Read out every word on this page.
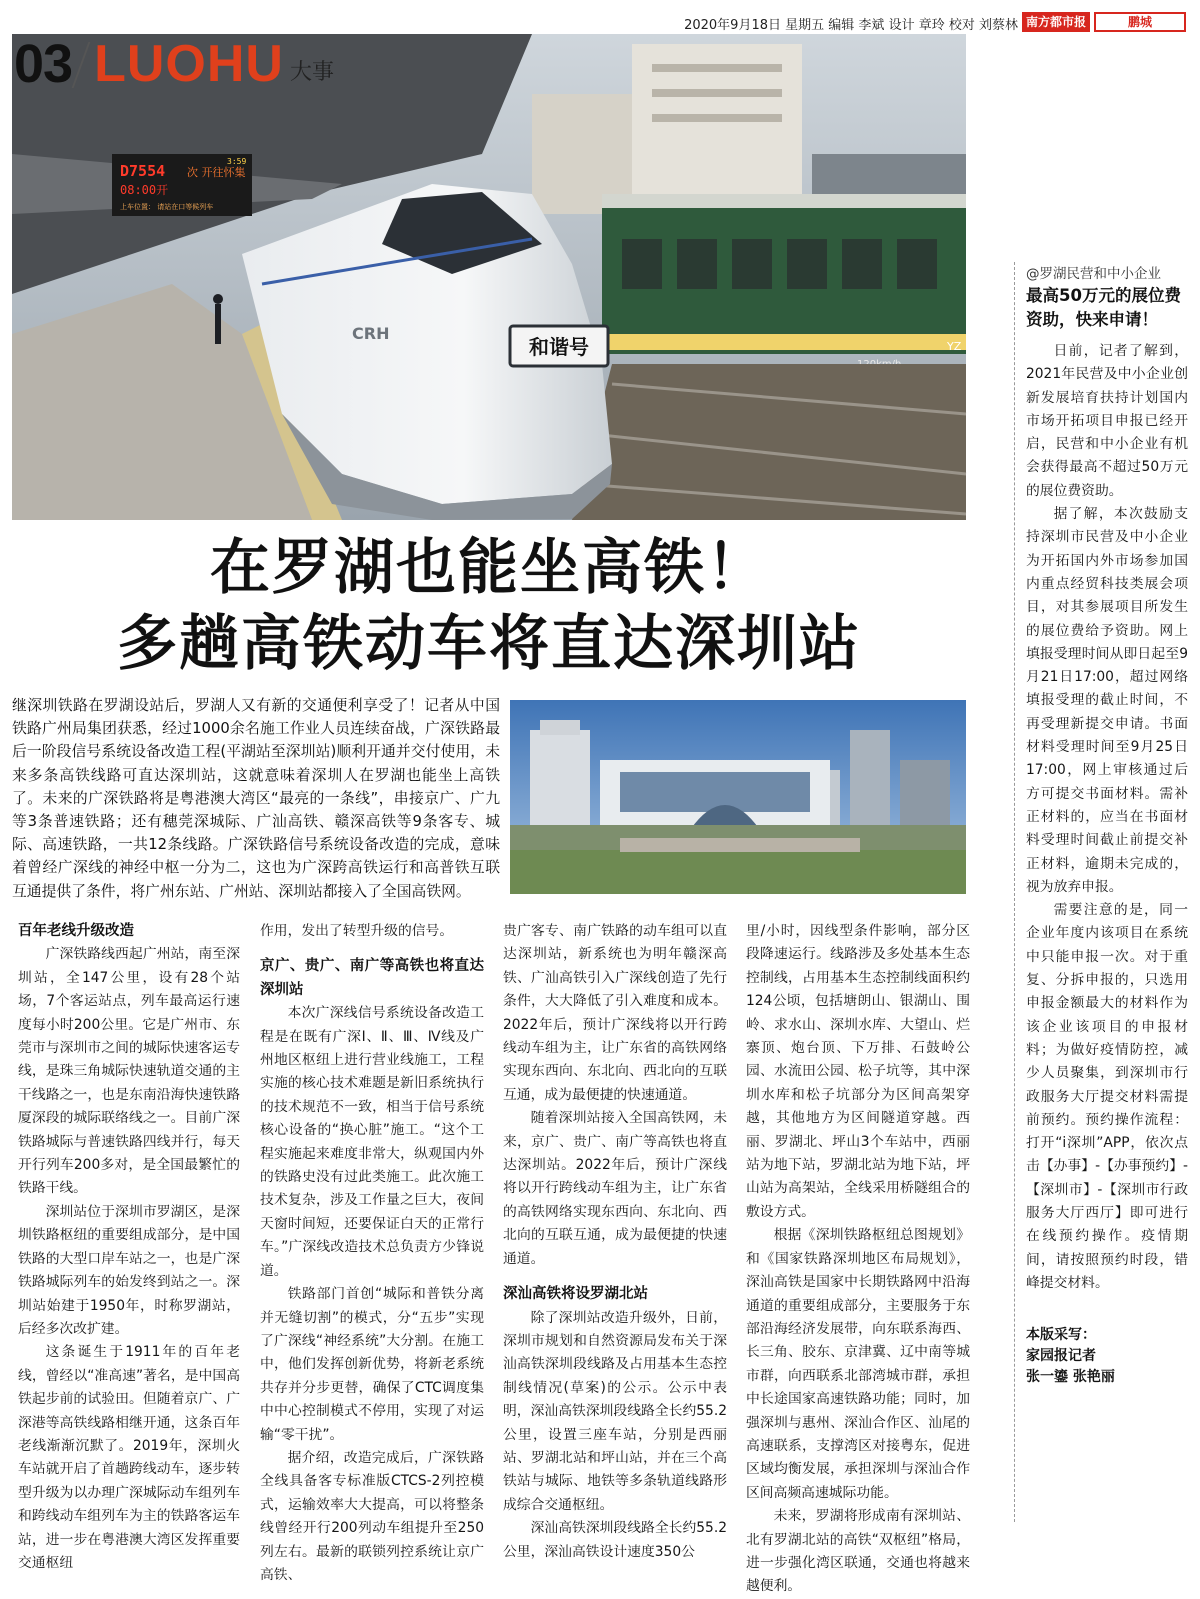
2020年9月18日 星期五 编辑 李斌 设计 章玲 校对 刘蔡林 南方都市报	鹏城
YZ
和谐号
CRH
D7554 次 开往怀集
08:00开
3:59
上车位置： 请站在口等候列车
03 LUOHU 大事
在罗湖也能坐高铁！
多趟高铁动车将直达深圳站
继深圳铁路在罗湖设站后，罗湖人又有新的交通便利享受了！记者从中国铁路广州局集团获悉，经过1000余名施工作业人员连续奋战，广深铁路最后一阶段信号系统设备改造工程(平湖站至深圳站)顺利开通并交付使用，未来多条高铁线路可直达深圳站，这就意味着深圳人在罗湖也能坐上高铁了。未来的广深铁路将是粤港澳大湾区“最亮的一条线”，串接京广、广九等3条普速铁路；还有穗莞深城际、广汕高铁、赣深高铁等9条客专、城际、高速铁路，一共12条线路。广深铁路信号系统设备改造的完成，意味着曾经广深线的神经中枢一分为二，这也为广深跨高铁运行和高普铁互联互通提供了条件，将广州东站、广州站、深圳站都接入了全国高铁网。
百年老线升级改造

广深铁路线西起广州站，南至深圳站，全147公里，设有28个站场，7个客运站点，列车最高运行速度每小时200公里。它是广州市、东莞市与深圳市之间的城际快速客运专线，是珠三角城际快速轨道交通的主干线路之一，也是东南沿海快速铁路厦深段的城际联络线之一。目前广深铁路城际与普速铁路四线并行，每天开行列车200多对，是全国最繁忙的铁路干线。

深圳站位于深圳市罗湖区，是深圳铁路枢纽的重要组成部分，是中国铁路的大型口岸车站之一，也是广深铁路城际列车的始发终到站之一。深圳站始建于1950年，时称罗湖站，后经多次改扩建。

这条诞生于1911年的百年老线，曾经以“准高速”著名，是中国高铁起步前的试验田。但随着京广、广深港等高铁线路相继开通，这条百年老线渐渐沉默了。2019年，深圳火车站就开启了首趟跨线动车，逐步转型升级为以办理广深城际动车组列车和跨线动车组列车为主的铁路客运车站，进一步在粤港澳大湾区发挥重要交通枢纽

作用，发出了转型升级的信号。

京广、贵广、南广等高铁也将直达深圳站

本次广深线信号系统设备改造工程是在既有广深Ⅰ、Ⅱ、Ⅲ、Ⅳ线及广州地区枢纽上进行营业线施工，工程实施的核心技术难题是新旧系统执行的技术规范不一致，相当于信号系统核心设备的“换心脏”施工。“这个工程实施起来难度非常大，纵观国内外的铁路史没有过此类施工。此次施工技术复杂，涉及工作量之巨大，夜间天窗时间短，还要保证白天的正常行车。”广深线改造技术总负责方少锋说道。

铁路部门首创“城际和普铁分离并无缝切割”的模式，分“五步”实现了广深线“神经系统”大分割。在施工中，他们发挥创新优势，将新老系统共存并分步更替，确保了CTC调度集中中心控制模式不停用，实现了对运输“零干扰”。

据介绍，改造完成后，广深铁路全线具备客专标准版CTCS-2列控模式，运输效率大大提高，可以将整条线曾经开行200列动车组提升至250列左右。最新的联锁列控系统让京广高铁、

贵广客专、南广铁路的动车组可以直达深圳站，新系统也为明年赣深高铁、广汕高铁引入广深线创造了先行条件，大大降低了引入难度和成本。2022年后，预计广深线将以开行跨线动车组为主，让广东省的高铁网络实现东西向、东北向、西北向的互联互通，成为最便捷的快速通道。

随着深圳站接入全国高铁网，未来，京广、贵广、南广等高铁也将直达深圳站。2022年后，预计广深线将以开行跨线动车组为主，让广东省的高铁网络实现东西向、东北向、西北向的互联互通，成为最便捷的快速通道。

深汕高铁将设罗湖北站

除了深圳站改造升级外，日前，深圳市规划和自然资源局发布关于深汕高铁深圳段线路及占用基本生态控制线情况(草案)的公示。公示中表明，深汕高铁深圳段线路全长约55.2公里，设置三座车站，分别是西丽站、罗湖北站和坪山站，并在三个高铁站与城际、地铁等多条轨道线路形成综合交通枢纽。

深汕高铁深圳段线路全长约55.2公里，深汕高铁设计速度350公

里/小时，因线型条件影响，部分区段降速运行。线路涉及多处基本生态控制线，占用基本生态控制线面积约124公顷，包括塘朗山、银湖山、围岭、求水山、深圳水库、大望山、烂寨顶、炮台顶、下万排、石鼓岭公园、水流田公园、松子坑等，其中深圳水库和松子坑部分为区间高架穿越，其他地方为区间隧道穿越。西丽、罗湖北、坪山3个车站中，西丽站为地下站，罗湖北站为地下站，坪山站为高架站，全线采用桥隧组合的敷设方式。

根据《深圳铁路枢纽总图规划》和《国家铁路深圳地区布局规划》，深汕高铁是国家中长期铁路网中沿海通道的重要组成部分，主要服务于东部沿海经济发展带，向东联系海西、长三角、胶东、京津冀、辽中南等城市群，向西联系北部湾城市群，承担中长途国家高速铁路功能；同时，加强深圳与惠州、深汕合作区、汕尾的高速联系，支撑湾区对接粤东，促进区域均衡发展，承担深圳与深汕合作区间高频高速城际功能。

未来，罗湖将形成南有深圳站、北有罗湖北站的高铁“双枢纽”格局，进一步强化湾区联通，交通也将越来越便利。

@罗湖民营和中小企业
最高50万元的展位费资助，快来申请！

日前，记者了解到，2021年民营及中小企业创新发展培育扶持计划国内市场开拓项目申报已经开启，民营和中小企业有机会获得最高不超过50万元的展位费资助。

据了解，本次鼓励支持深圳市民营及中小企业为开拓国内外市场参加国内重点经贸科技类展会项目，对其参展项目所发生的展位费给予资助。网上填报受理时间从即日起至9月21日17:00，超过网络填报受理的截止时间，不再受理新提交申请。书面材料受理时间至9月25日17:00，网上审核通过后方可提交书面材料。需补正材料的，应当在书面材料受理时间截止前提交补正材料，逾期未完成的，视为放弃申报。

需要注意的是，同一企业年度内该项目在系统中只能申报一次。对于重复、分拆申报的，只选用申报金额最大的材料作为该企业该项目的申报材料；为做好疫情防控，减少人员聚集，到深圳市行政服务大厅提交材料需提前预约。预约操作流程：打开“i深圳”APP，依次点击【办事】-【办事预约】-【深圳市】-【深圳市行政服务大厅西厅】即可进行在线预约操作。疫情期间，请按照预约时段，错峰提交材料。

本版采写：
家园报记者
张一鎏 张艳丽
